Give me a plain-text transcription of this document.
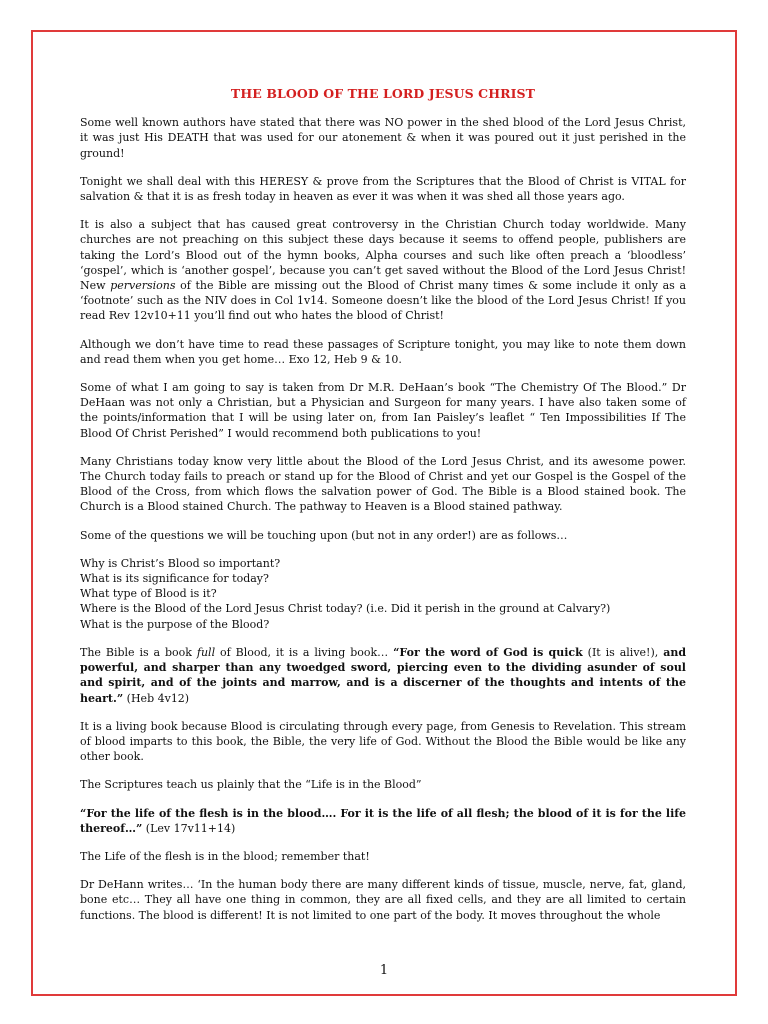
THE BLOOD OF THE LORD JESUS CHRIST

Some well known authors have stated that there was NO power in the shed blood of the Lord Jesus Christ, it was just His DEATH that was used for our atonement & when it was poured out it just perished in the ground!

Tonight we shall deal with this HERESY & prove from the Scriptures that the Blood of Christ is VITAL for salvation & that it is as fresh today in heaven as ever it was when it was shed all those years ago.

It is also a subject that has caused great controversy in the Christian Church today worldwide. Many churches are not preaching on this subject these days because it seems to offend people, publishers are taking the Lord’s Blood out of the hymn books, Alpha courses and such like often preach a ‘bloodless’ ‘gospel’, which is ‘another gospel’, because you can’t get saved without the Blood of the Lord Jesus Christ! New perversions of the Bible are missing out the Blood of Christ many times & some include it only as a ‘footnote’ such as the NIV does in Col 1v14. Someone doesn’t like the blood of the Lord Jesus Christ! If you read Rev 12v10+11 you’ll find out who hates the blood of Christ!

Although we don’t have time to read these passages of Scripture tonight, you may like to note them down and read them when you get home… Exo 12, Heb 9 & 10.

Some of what I am going to say is taken from Dr M.R. DeHaan’s book “The Chemistry Of The Blood.” Dr DeHaan was not only a Christian, but a Physician and Surgeon for many years. I have also taken some of the points/information that I will be using later on, from Ian Paisley’s leaflet “ Ten Impossibilities If The Blood Of Christ Perished” I would recommend both publications to you!

Many Christians today know very little about the Blood of the Lord Jesus Christ, and its awesome power. The Church today fails to preach or stand up for the Blood of Christ and yet our Gospel is the Gospel of the Blood of the Cross, from which flows the salvation power of God. The Bible is a Blood stained book. The Church is a Blood stained Church. The pathway to Heaven is a Blood stained pathway.

Some of the questions we will be touching upon (but not in any order!) are as follows…

Why is Christ’s Blood so important?
What is its significance for today?
What type of Blood is it?
Where is the Blood of the Lord Jesus Christ today? (i.e. Did it perish in the ground at Calvary?)
What is the purpose of the Blood?

The Bible is a book full of Blood, it is a living book… “For the word of God is quick (It is alive!), and powerful, and sharper than any twoedged sword, piercing even to the dividing asunder of soul and spirit, and of the joints and marrow, and is a discerner of the thoughts and intents of the heart.” (Heb 4v12)

It is a living book because Blood is circulating through every page, from Genesis to Revelation. This stream of blood imparts to this book, the Bible, the very life of God. Without the Blood the Bible would be like any other book.

The Scriptures teach us plainly that the “Life is in the Blood”

“For the life of the flesh is in the blood…. For it is the life of all flesh; the blood of it is for the life thereof…” (Lev 17v11+14)

The Life of the flesh is in the blood; remember that!

Dr DeHann writes… ‘In the human body there are many different kinds of tissue, muscle, nerve, fat, gland, bone etc… They all have one thing in common, they are all fixed cells, and they are all limited to certain functions. The blood is different! It is not limited to one part of the body. It moves throughout the whole

1
